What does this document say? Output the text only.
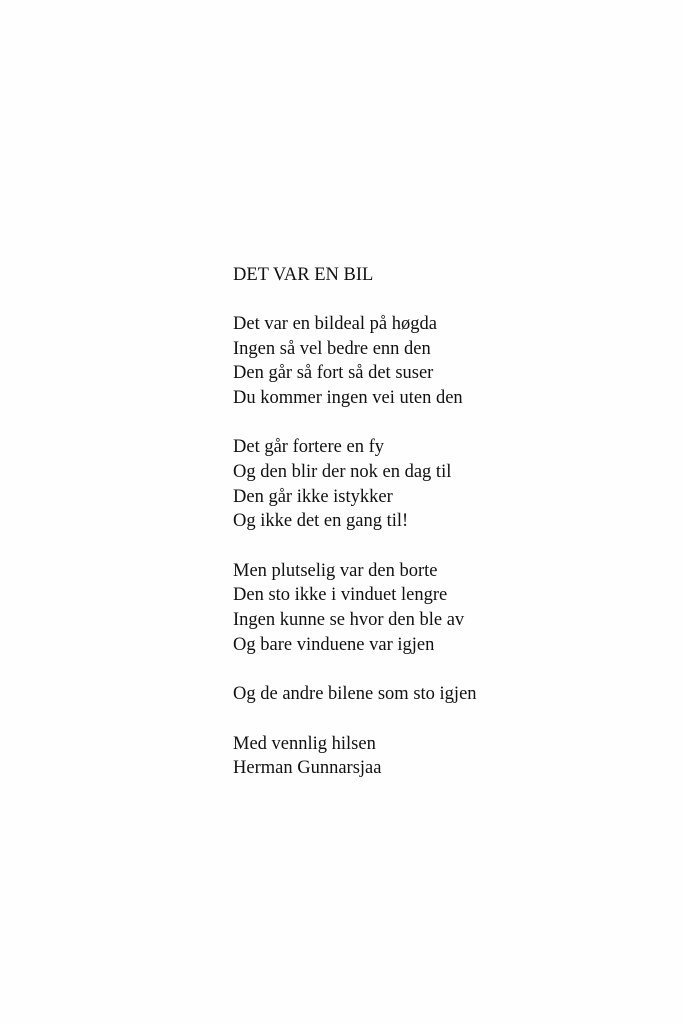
DET VAR EN BIL
Det var en bildeal på høgda
Ingen så vel bedre enn den
Den går så fort så det suser
Du kommer ingen vei uten den
Det går fortere en fy
Og den blir der nok en dag til
Den går ikke istykker
Og ikke det en gang til!
Men plutselig var den borte
Den sto ikke i vinduet lengre
Ingen kunne se hvor den ble av
Og bare vinduene var igjen
Og de andre bilene som sto igjen
Med vennlig hilsen
Herman Gunnarsjaa
